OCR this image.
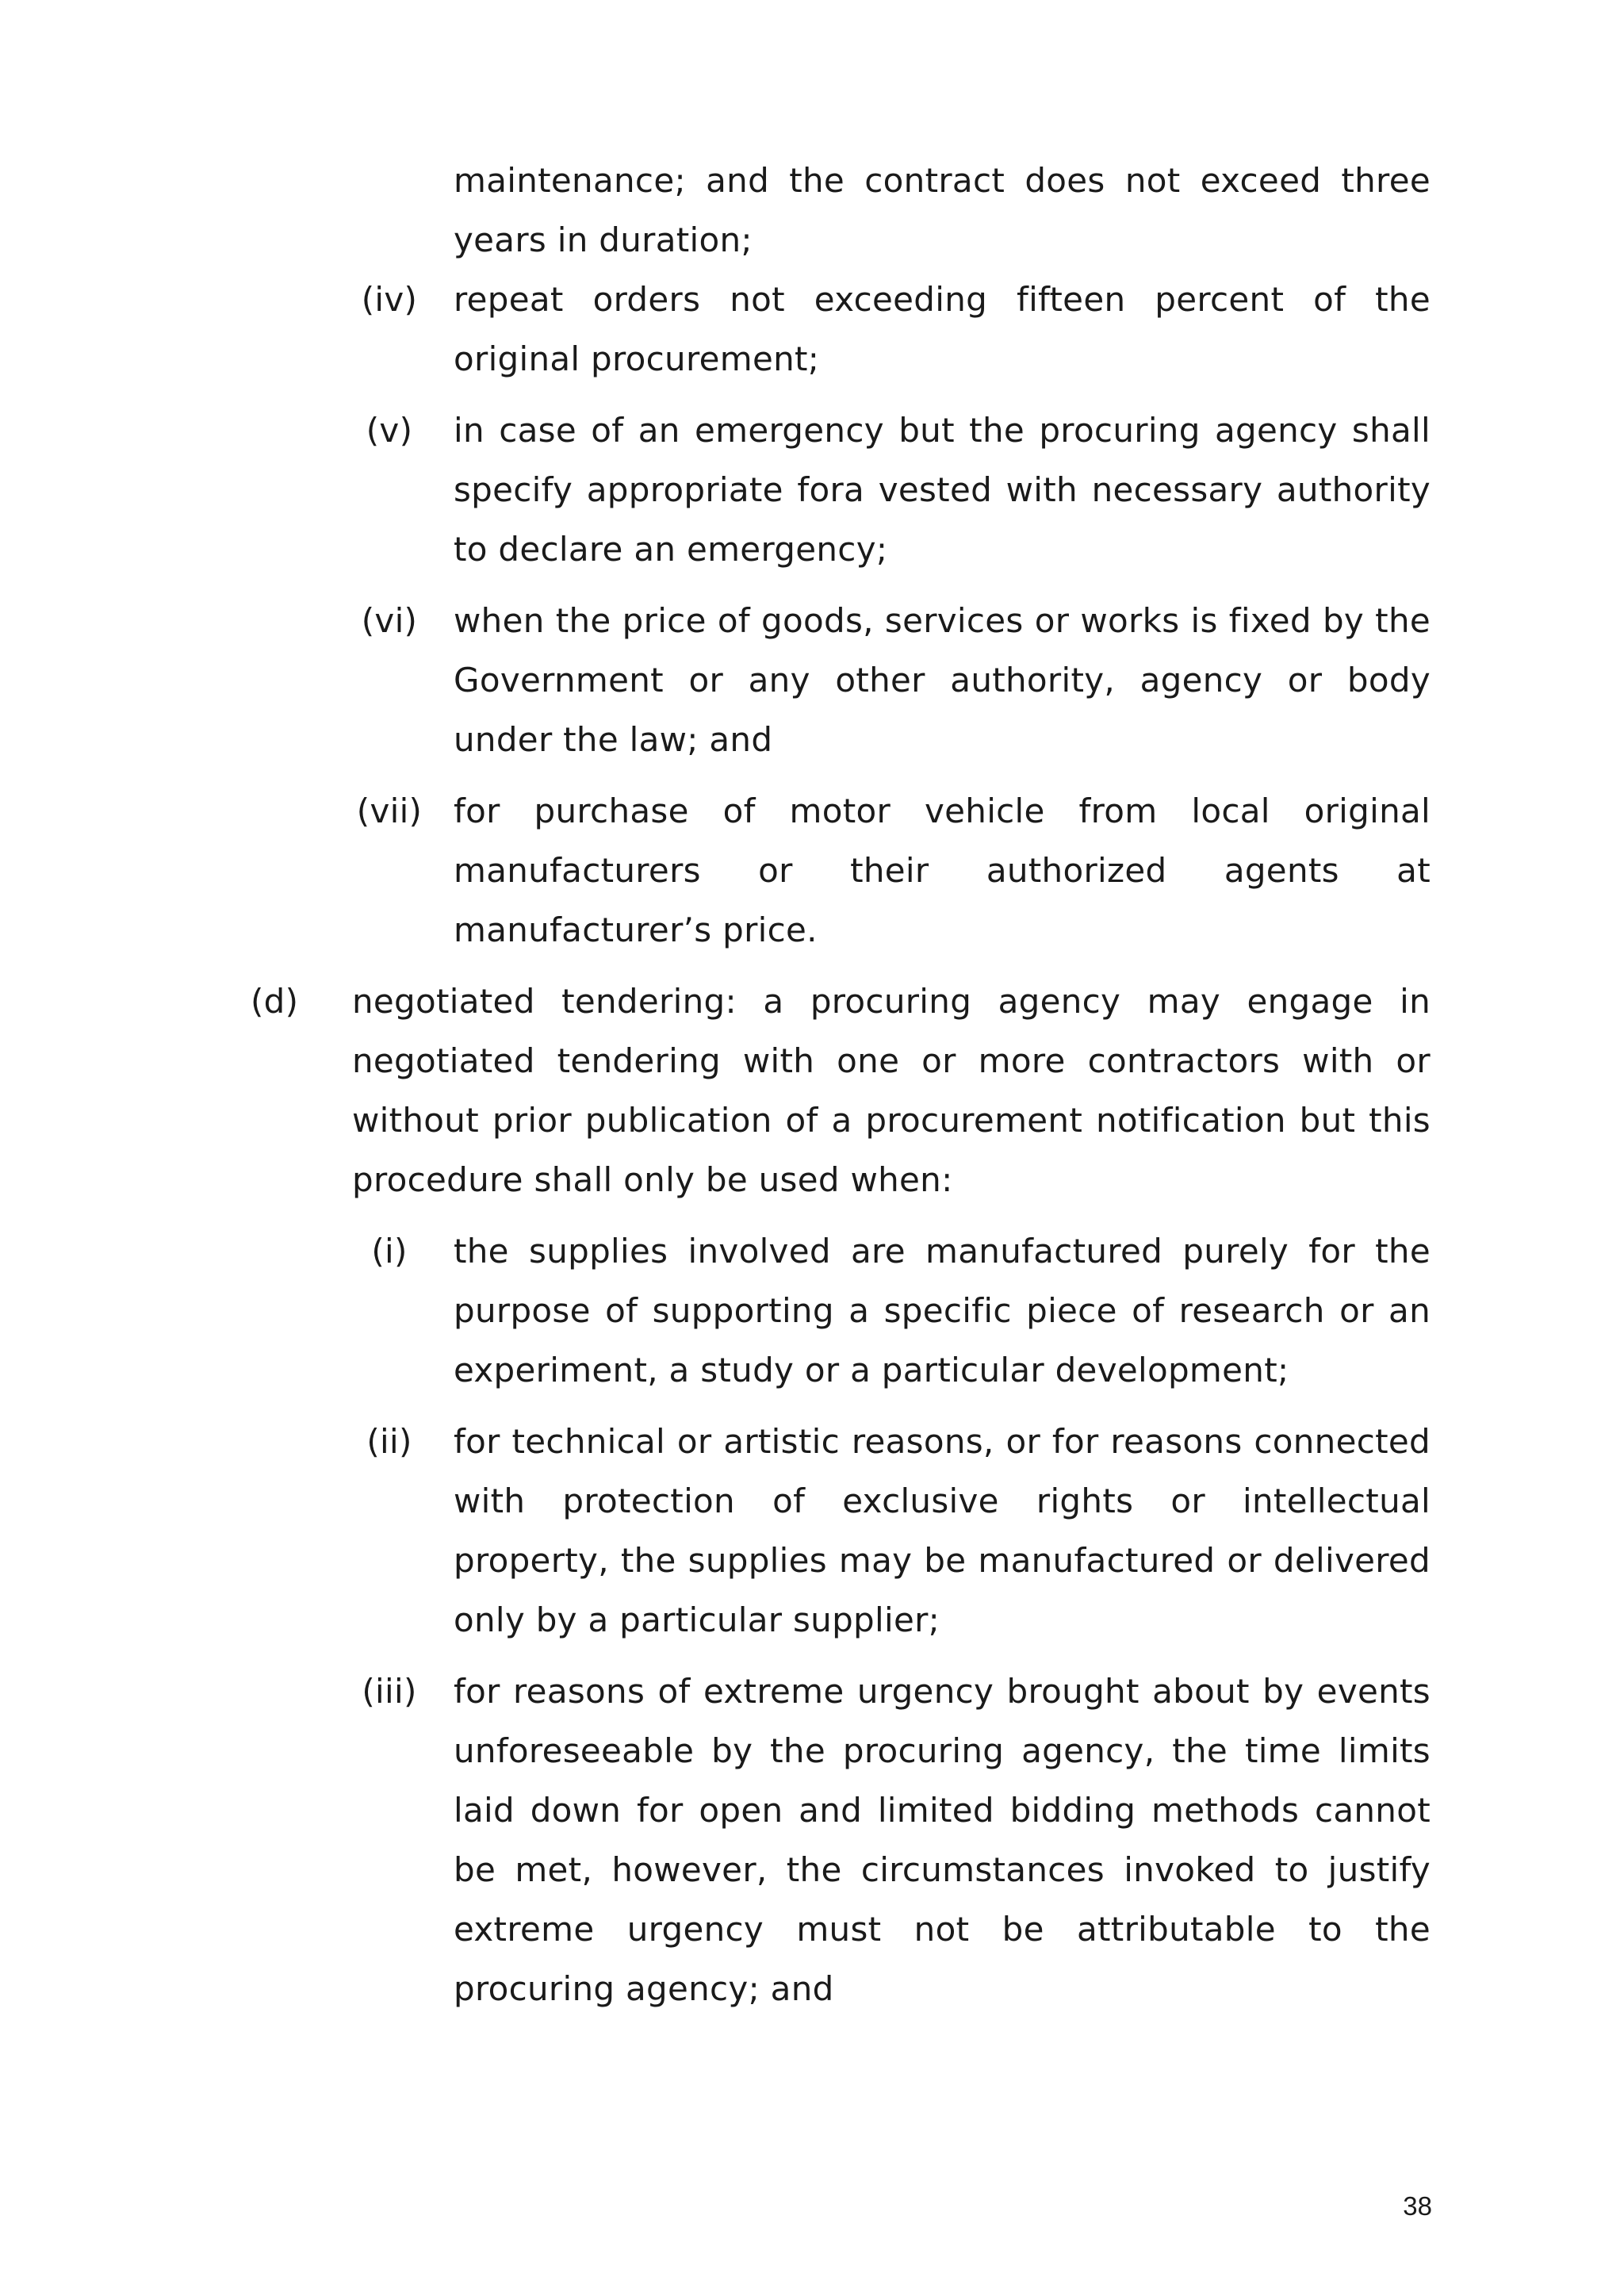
maintenance; and the contract does not exceed three years in duration;
(iv)	repeat orders not exceeding fifteen percent of the original procurement;
(v)	in case of an emergency but the procuring agency shall specify appropriate fora vested with necessary authority to declare an emergency;
(vi)	when the price of goods, services or works is fixed by the Government or any other authority, agency or body under the law; and
(vii) for purchase of motor vehicle from local original manufacturers or their authorized agents at manufacturer’s price.
(d)	negotiated tendering: a procuring agency may engage in negotiated tendering with one or more contractors with or without prior publication of a procurement notification but this procedure shall only be used when:
(i)	the supplies involved are manufactured purely for the purpose of supporting a specific piece of research or an experiment, a study or a particular development;
(ii)	for technical or artistic reasons, or for reasons connected with protection of exclusive rights or intellectual property, the supplies may be manufactured or delivered only by a particular supplier;
(iii)	for reasons of extreme urgency brought about by events unforeseeable by the procuring agency, the time limits laid down for open and limited bidding methods cannot be met, however, the circumstances invoked to justify extreme urgency must not be attributable to the procuring agency; and
38
